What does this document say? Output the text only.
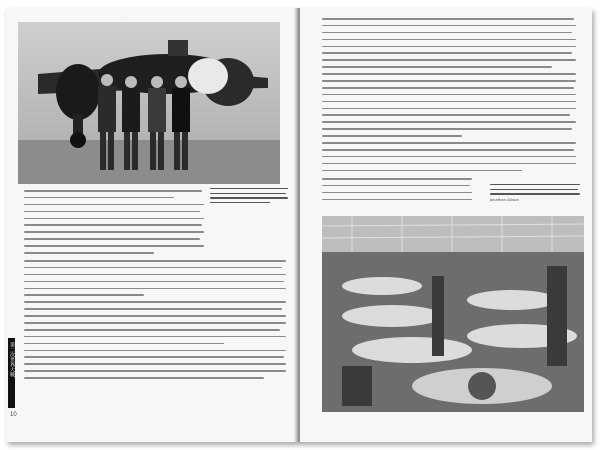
第二次世界大戦
10
Jonathan Allison
